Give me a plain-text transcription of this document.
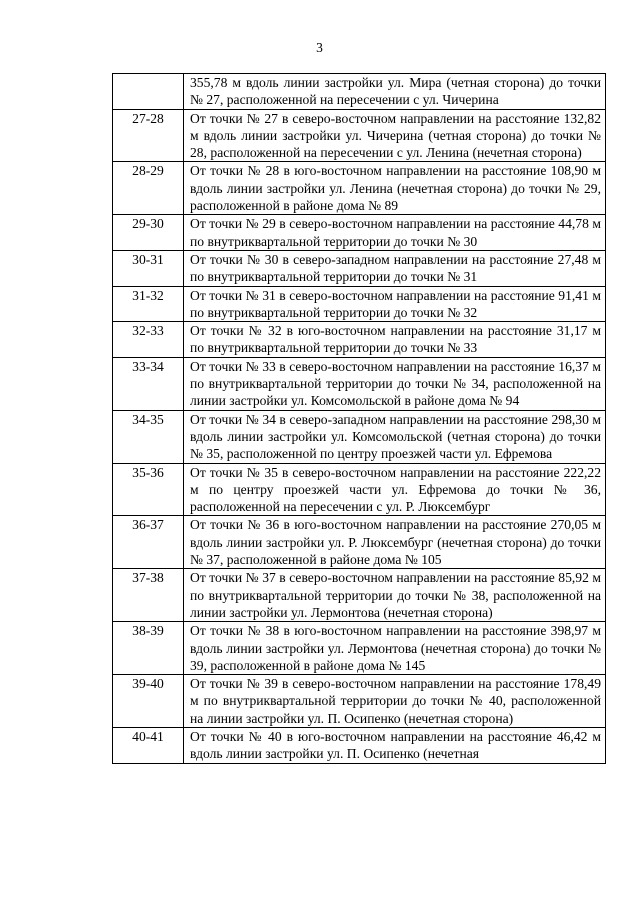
3
	355,78 м вдоль линии застройки ул. Мира (четная сторона) до точки № 27, расположенной на пересечении с ул. Чичерина
27-28	От точки № 27 в северо-восточном направлении на расстояние 132,82 м вдоль линии застройки ул. Чичерина (четная сторона) до точки № 28, расположенной на пересечении с ул. Ленина (нечетная сторона)
28-29	От точки № 28 в юго-восточном направлении на расстояние 108,90 м вдоль линии застройки ул. Ленина (нечетная сторона) до точки № 29, расположенной в районе дома № 89
29-30	От точки № 29 в северо-восточном направлении на расстояние 44,78 м по внутриквартальной территории до точки № 30
30-31	От точки № 30 в северо-западном направлении на расстояние 27,48 м по внутриквартальной территории до точки № 31
31-32	От точки № 31 в северо-восточном направлении на расстояние 91,41 м по внутриквартальной территории до точки № 32
32-33	От точки № 32 в юго-восточном направлении на расстояние 31,17 м по внутриквартальной территории до точки № 33
33-34	От точки № 33 в северо-восточном направлении на расстояние 16,37 м по внутриквартальной территории до точки № 34, расположенной на линии застройки ул. Комсомольской в районе дома № 94
34-35	От точки № 34 в северо-западном направлении на расстояние 298,30 м вдоль линии застройки ул. Комсомольской (четная сторона) до точки № 35, расположенной по центру проезжей части ул. Ефремова
35-36	От точки № 35 в северо-восточном направлении на расстояние 222,22 м по центру проезжей части ул. Ефремова до точки № 36, расположенной на пересечении с ул. Р. Люксембург
36-37	От точки № 36 в юго-восточном направлении на расстояние 270,05 м вдоль линии застройки ул. Р. Люксембург (нечетная сторона) до точки № 37, расположенной в районе дома № 105
37-38	От точки № 37 в северо-восточном направлении на расстояние 85,92 м по внутриквартальной территории до точки № 38, расположенной на линии застройки ул. Лермонтова (нечетная сторона)
38-39	От точки № 38 в юго-восточном направлении на расстояние 398,97 м вдоль линии застройки ул. Лермонтова (нечетная сторона) до точки № 39, расположенной в районе дома № 145
39-40	От точки № 39 в северо-восточном направлении на расстояние 178,49 м по внутриквартальной территории до точки № 40, расположенной на линии застройки ул. П. Осипенко (нечетная сторона)
40-41	От точки № 40 в юго-восточном направлении на расстояние 46,42 м вдоль линии застройки ул. П. Осипенко (нечетная
